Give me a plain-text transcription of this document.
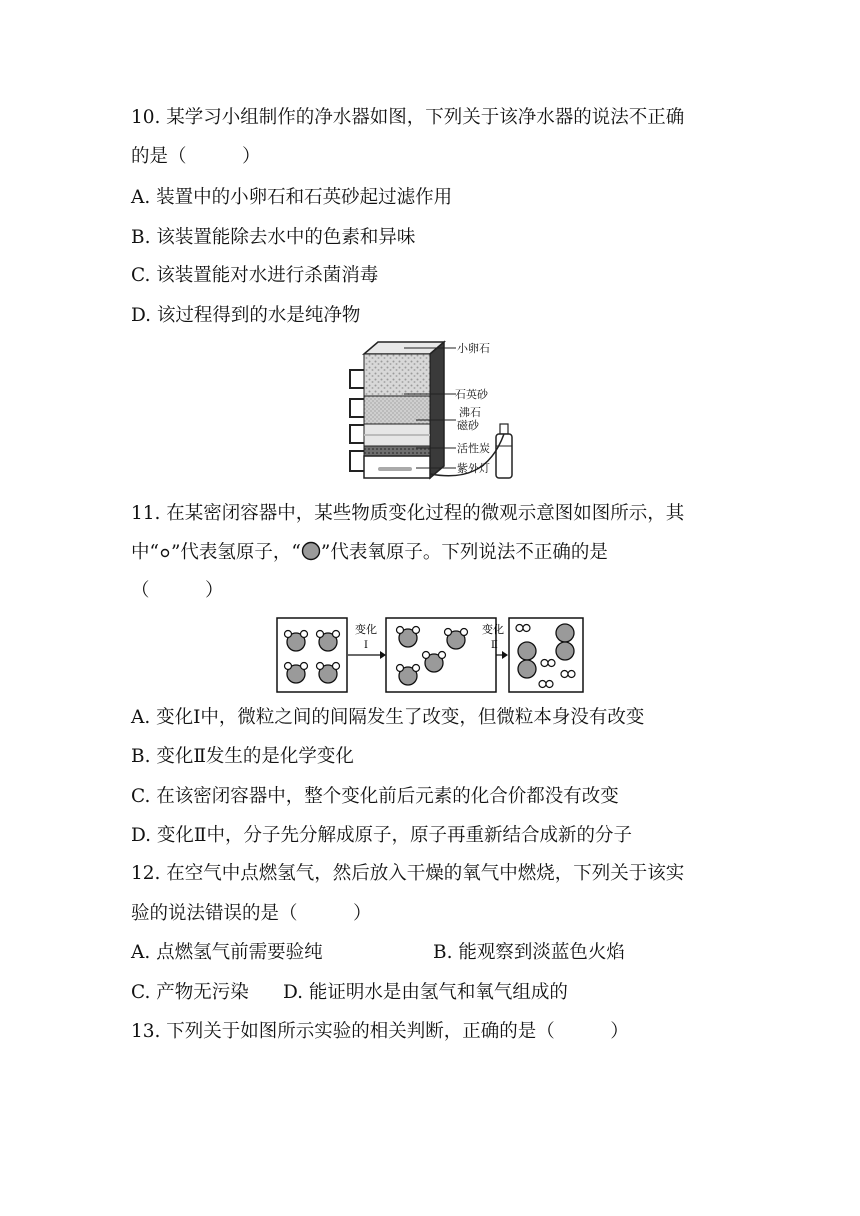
10. 某学习小组制作的净水器如图，下列关于该净水器的说法不正确
的是（　　　）
A. 装置中的小卵石和石英砂起过滤作用
B. 该装置能除去水中的色素和异味
C. 该装置能对水进行杀菌消毒
D. 该过程得到的水是纯净物
小卵石
石英砂
沸石
磁砂
活性炭
紫外灯
11. 在某密闭容器中，某些物质变化过程的微观示意图如图所示，其
中“ ”代表氢原子，“ ”代表氧原子。下列说法不正确的是
（　　　）
变化
Ⅰ
变化
Ⅱ
A. 变化Ⅰ中，微粒之间的间隔发生了改变，但微粒本身没有改变
B. 变化Ⅱ发生的是化学变化
C. 在该密闭容器中，整个变化前后元素的化合价都没有改变
D. 变化Ⅱ中，分子先分解成原子，原子再重新结合成新的分子
12. 在空气中点燃氢气，然后放入干燥的氧气中燃烧，下列关于该实
验的说法错误的是（　　　）
A. 点燃氢气前需要验纯	B. 能观察到淡蓝色火焰
C. 产物无污染 D. 能证明水是由氢气和氧气组成的
13. 下列关于如图所示实验的相关判断，正确的是（　　　）
